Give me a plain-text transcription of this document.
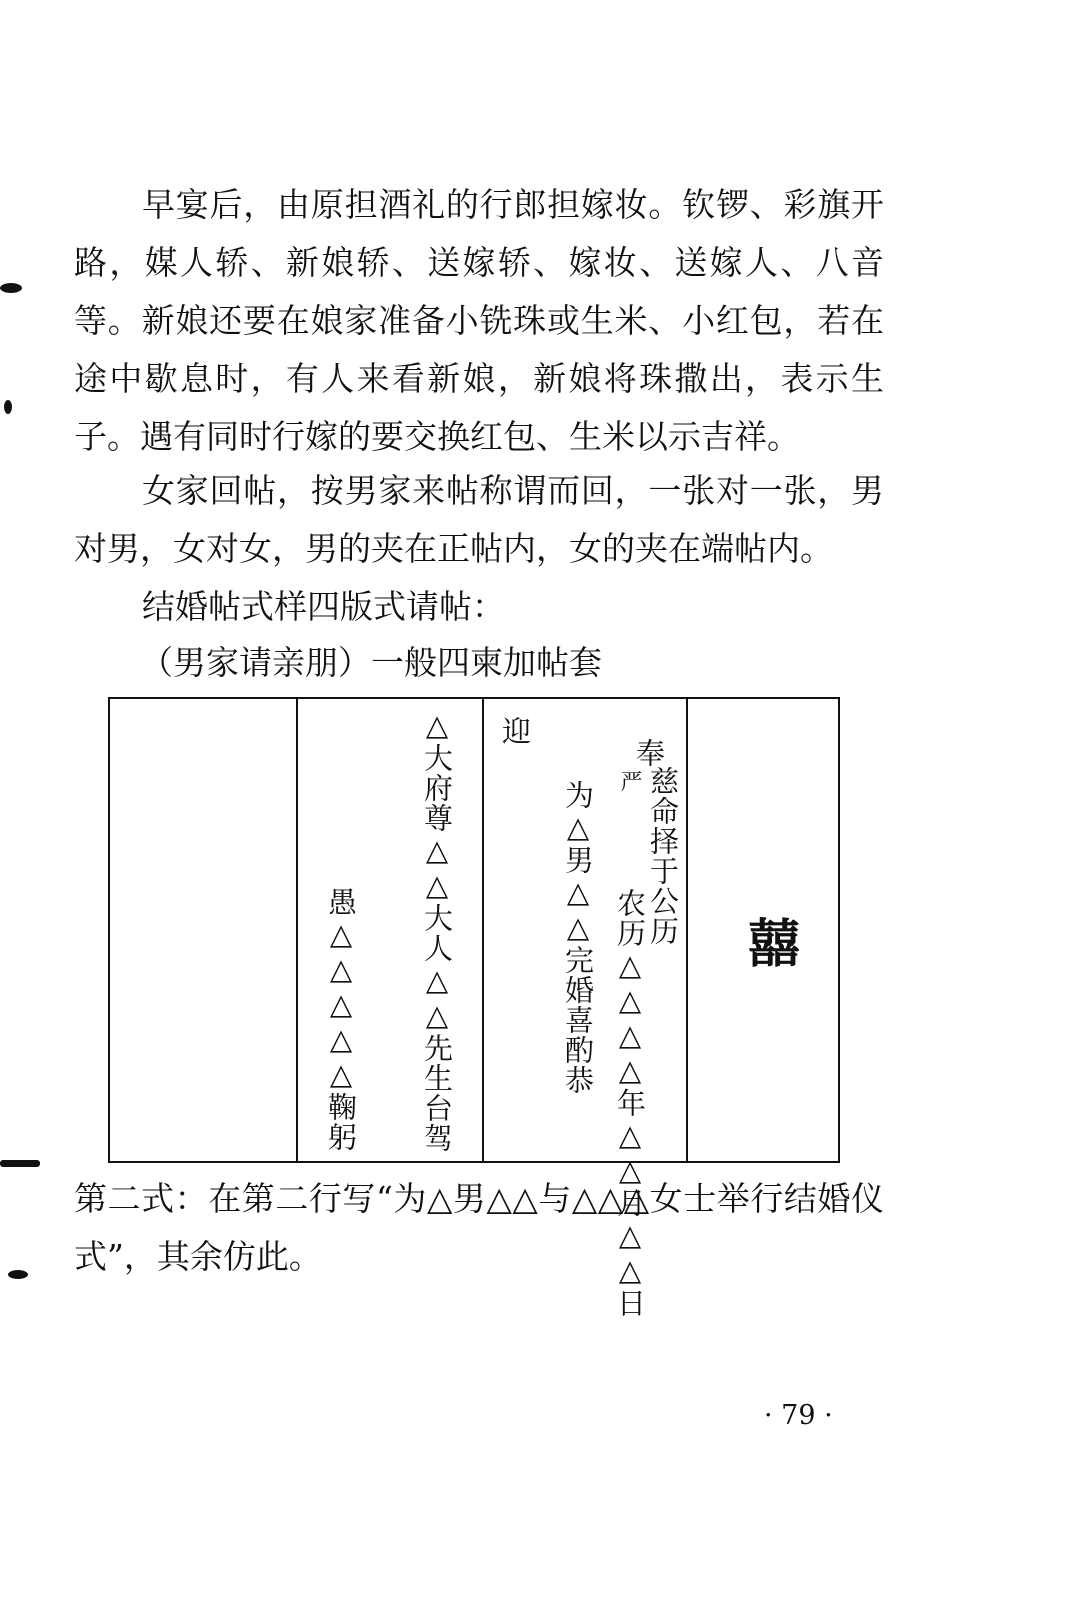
早宴后，由原担酒礼的行郎担嫁妆。钦锣、彩旗开路，媒人轿、新娘轿、送嫁轿、嫁妆、送嫁人、八音等。新娘还要在娘家准备小铣珠或生米、小红包，若在途中歇息时，有人来看新娘，新娘将珠撒出，表示生子。遇有同时行嫁的要交换红包、生米以示吉祥。

女家回帖，按男家来帖称谓而回，一张对一张，男对男，女对女，男的夹在正帖内，女的夹在端帖内。

结婚帖式样四版式请帖：

（男家请亲朋）一般四柬加帖套

愚△△△△△鞠躬 △大府尊△△大人△△先生台驾 迎
为△男△△完婚喜酌恭
奉
严 慈命择于公历
农历△△△△年△△月△△日 囍

第二式：在第二行写“为△男△△与△△△女士举行结婚仪式”，其余仿此。

· 79 ·
